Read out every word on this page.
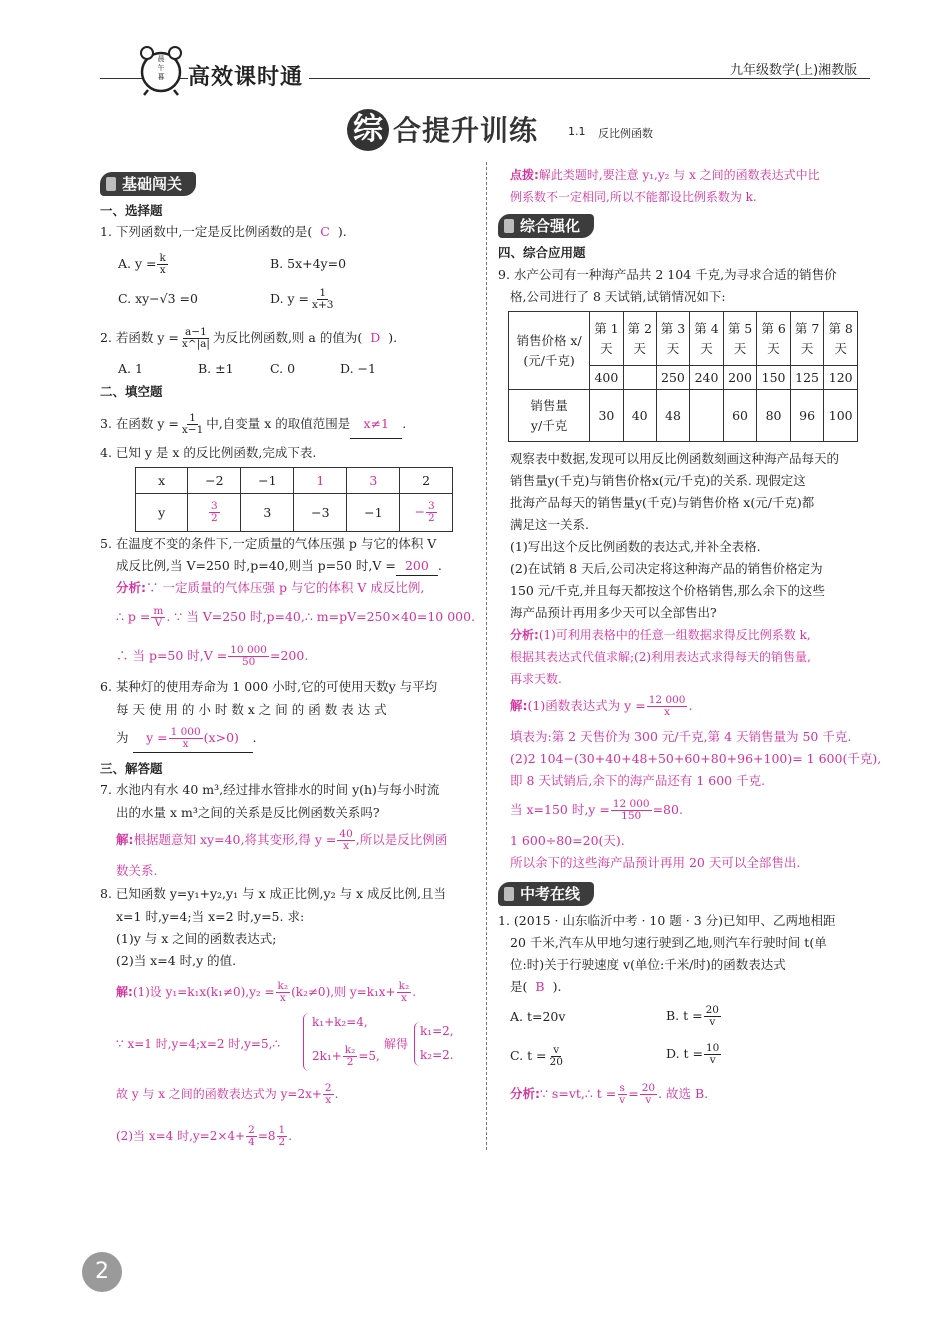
晨
午
暮 高效课时通	九年级数学(上)湘教版
综 合提升训练	1.1 反比例函数
基础闯关
一、选择题
1. 下列函数中,一定是反比例函数的是( C ).
A. $y = \frac{k}{x}$	B. 5x+4y=0
C. xy−√3 =0	D. $y = \frac{1}{x+3}$
2. 若函数 $y = \frac{a-1}{x\^{}|a|}$ 为反比例函数,则 a 的值为( D ).
A. 1	B. ±1	C. 0	D. −1
二、填空题
3. 在函数 $y = \frac{1}{x-1}$ 中,自变量 x 的取值范围是 x≠1 .
4. 已知 y 是 x 的反比例函数,完成下表.
x	−2	−1	1	3	2
y	$\frac{3}{2}$	3	−3	−1	− $\frac{3}{2}$
5. 在温度不变的条件下,一定质量的气体压强 p 与它的体积 V
成反比例,当 V=250 时,p=40,则当 p=50 时,V = 200 .
分析:∵ 一定质量的气体压强 p 与它的体积 V 成反比例,
∴ $p = \frac{m}{V}$ . ∵ 当 V=250 时,p=40,∴ m=pV=250×40=10 000.
∴ 当 p=50 时$,V = \frac{10 000}{50} =200$.
6. 某种灯的使用寿命为 1 000 小时,它的可使用天数y 与平均
每 天 使 用 的 小 时 数 x 之 间 的 函 数 表 达 式
为 $y = \frac{1 000}{x} (x>0)$ .
三、解答题
7. 水池内有水 40 m³,经过排水管排水的时间 y(h)与每小时流
出的水量 x m³之间的关系是反比例函数关系吗?
解:根据题意知 xy=40,将其变形,得 $y = \frac{40}{x}$ ,所以是反比例函
数关系.
8. 已知函数 y=y₁+y₂,y₁ 与 x 成正比例,y₂ 与 x 成反比例,且当
x=1 时,y=4;当 x=2 时,y=5. 求:
(1)y 与 x 之间的函数表达式;
(2)当 x=4 时,y 的值.
解:(1)设 $y_1=k_1x(k_1\ne 0),y_2 = \frac{\text{k₂}}{x} (k_2\ne 0)$,则 $y=k_1x+ \frac{\text{k₂}}{x}$ .
∵ x=1 时,y=4;x=2 时,y=5,∴
k₁+k₂=4,
$2k_1+ \frac{\text{k₂}}{2} =5$,
解得
k₁=2,
k₂=2.
故 y 与 x 之间的函数表达式为 $y=2x+ \frac{2}{x}$ .
(2)当 x=4 时$,y=2\times 4+ \frac{2}{4} =8 \frac{1}{2}$ .
点拨:解此类题时,要注意 y₁,y₂ 与 x 之间的函数表达式中比
例系数不一定相同,所以不能都设比例系数为 k.
综合强化
四、综合应用题
9. 水产公司有一种海产品共 2 104 千克,为寻求合适的销售价
格,公司进行了 8 天试销,试销情况如下:
销售价格 x/
(元/千克)	第 1
天	第 2
天	第 3
天	第 4
天	第 5
天	第 6
天	第 7
天	第 8
天
	400		250	240	200	150	125	120
销售量
y/千克	30	40	48		60	80	96	100
观察表中数据,发现可以用反比例函数刻画这种海产品每天的
销售量y(千克)与销售价格x(元/千克)的关系. 现假定这
批海产品每天的销售量y(千克)与销售价格 x(元/千克)都
满足这一关系.
(1)写出这个反比例函数的表达式,并补全表格.
(2)在试销 8 天后,公司决定将这种海产品的销售价格定为
150 元/千克,并且每天都按这个价格销售,那么余下的这些
海产品预计再用多少天可以全部售出?
分析:(1)可利用表格中的任意一组数据求得反比例系数 k,
根据其表达式代值求解;(2)利用表达式求得每天的销售量,
再求天数.
解:(1)函数表达式为 $y = \frac{12 000}{x}$ .
填表为:第 2 天售价为 300 元/千克,第 4 天销售量为 50 千克.
(2)2 104−(30+40+48+50+60+80+96+100)= 1 600(千克),
即 8 天试销后,余下的海产品还有 1 600 千克.
当 x=150 时$,y = \frac{12 000}{150} =80$.
1 600÷80=20(天).
所以余下的这些海产品预计再用 20 天可以全部售出.
中考在线
1. (2015 · 山东临沂中考 · 10 题 · 3 分)已知甲、乙两地相距
20 千米,汽车从甲地匀速行驶到乙地,则汽车行驶时间 t(单
位:时)关于行驶速度 v(单位:千米/时)的函数表达式
是( B ).
A. t=20v	B. $t = \frac{20}{v}$
C. $t = \frac{v}{20}$	D. $t = \frac{10}{v}$
分析:∵ s=vt,∴ $t = \frac{s}{v} = \frac{20}{v}$ . 故选 B.
2
